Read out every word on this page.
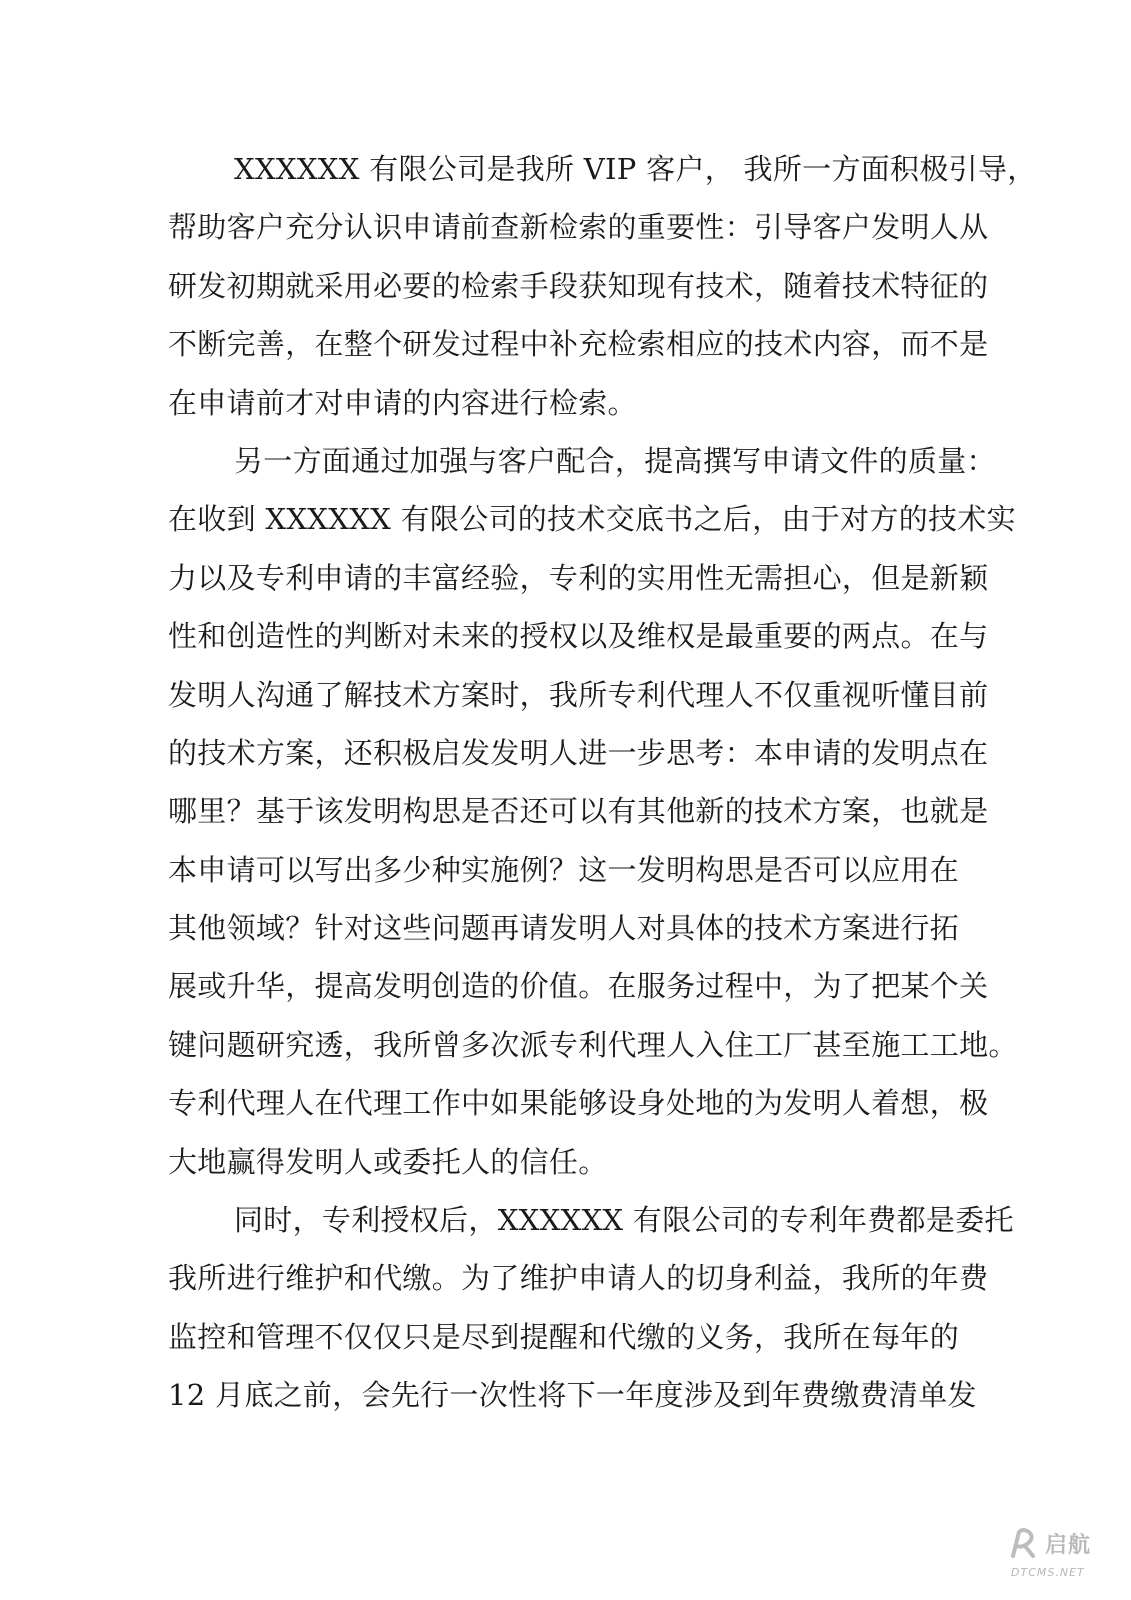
XXXXXX 有限公司是我所 VIP 客户， 我所一方面积极引导，
帮助客户充分认识申请前查新检索的重要性：引导客户发明人从
研发初期就采用必要的检索手段获知现有技术，随着技术特征的
不断完善，在整个研发过程中补充检索相应的技术内容，而不是
在申请前才对申请的内容进行检索。
另一方面通过加强与客户配合，提高撰写申请文件的质量：
在收到 XXXXXX 有限公司的技术交底书之后，由于对方的技术实
力以及专利申请的丰富经验，专利的实用性无需担心，但是新颖
性和创造性的判断对未来的授权以及维权是最重要的两点。在与
发明人沟通了解技术方案时，我所专利代理人不仅重视听懂目前
的技术方案，还积极启发发明人进一步思考：本申请的发明点在
哪里？基于该发明构思是否还可以有其他新的技术方案，也就是
本申请可以写出多少种实施例？这一发明构思是否可以应用在
其他领域？针对这些问题再请发明人对具体的技术方案进行拓
展或升华，提高发明创造的价值。在服务过程中，为了把某个关
键问题研究透，我所曾多次派专利代理人入住工厂甚至施工工地。
专利代理人在代理工作中如果能够设身处地的为发明人着想，极
大地赢得发明人或委托人的信任。
同时，专利授权后，XXXXXX 有限公司的专利年费都是委托
我所进行维护和代缴。为了维护申请人的切身利益，我所的年费
监控和管理不仅仅只是尽到提醒和代缴的义务，我所在每年的
12 月底之前，会先行一次性将下一年度涉及到年费缴费清单发
启航
DTCMS.NET
